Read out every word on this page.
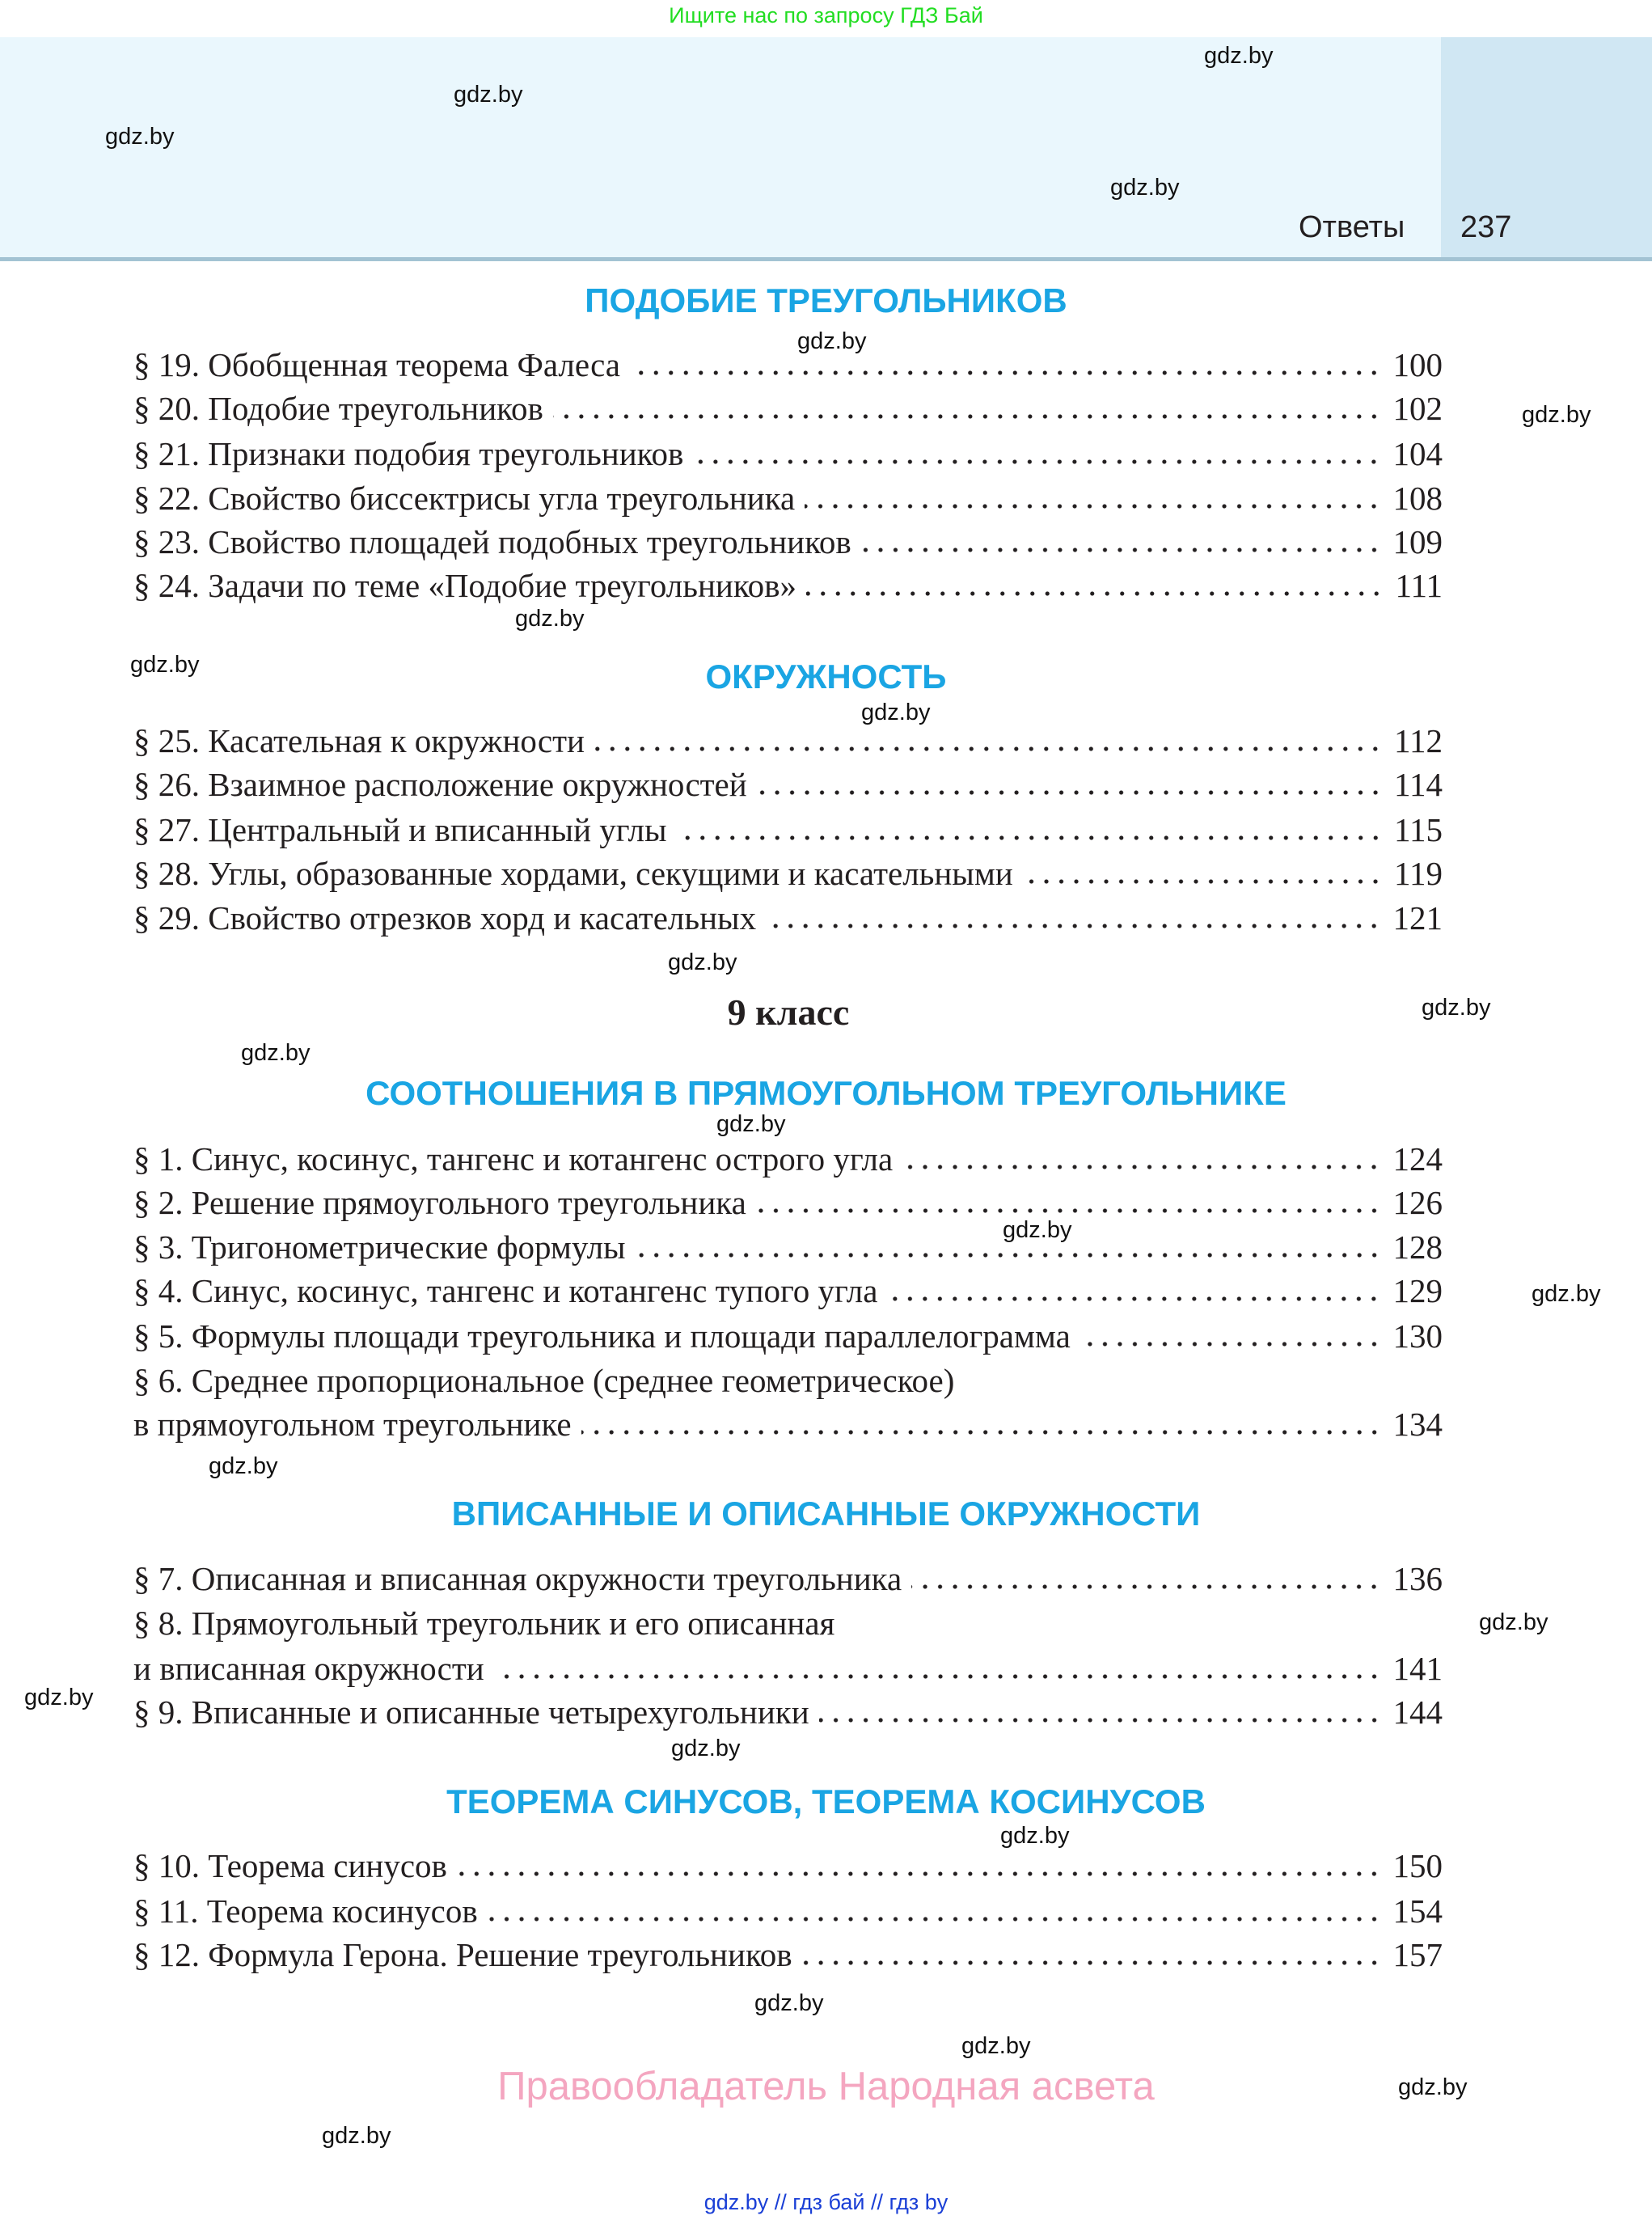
Ищите нас по запросу ГДЗ Бай
Ответы 237
ПОДОБИЕ ТРЕУГОЛЬНИКОВ
§ 19. Обобщенная теорема Фалеса	100
§ 20. Подобие треугольников	102
§ 21. Признаки подобия треугольников	104
§ 22. Свойство биссектрисы угла треугольника	108
§ 23. Свойство площадей подобных треугольников	109
§ 24. Задачи по теме «Подобие треугольников»	111
ОКРУЖНОСТЬ
§ 25. Касательная к окружности	112
§ 26. Взаимное расположение окружностей	114
§ 27. Центральный и вписанный углы	115
§ 28. Углы, образованные хордами, секущими и касательными	119
§ 29. Свойство отрезков хорд и касательных	121
9 класс
СООТНОШЕНИЯ В ПРЯМОУГОЛЬНОМ ТРЕУГОЛЬНИКЕ
§ 1. Синус, косинус, тангенс и котангенс острого угла	124
§ 2. Решение прямоугольного треугольника	126
§ 3. Тригонометрические формулы	128
§ 4. Синус, косинус, тангенс и котангенс тупого угла	129
§ 5. Формулы площади треугольника и площади параллелограмма	130
§ 6. Среднее пропорциональное (среднее геометрическое)
в прямоугольном треугольнике	134
ВПИСАННЫЕ И ОПИСАННЫЕ ОКРУЖНОСТИ
§ 7. Описанная и вписанная окружности треугольника	136
§ 8. Прямоугольный треугольник и его описанная
и вписанная окружности	141
§ 9. Вписанные и описанные четырехугольники	144
ТЕОРЕМА СИНУСОВ, ТЕОРЕМА КОСИНУСОВ
§ 10. Теорема синусов	150
§ 11. Теорема косинусов	154
§ 12. Формула Герона. Решение треугольников	157
gdz.by
gdz.by
gdz.by
gdz.by
gdz.by
gdz.by
gdz.by
gdz.by
gdz.by
gdz.by
gdz.by
gdz.by
gdz.by
gdz.by
gdz.by
gdz.by
gdz.by
gdz.by
gdz.by
gdz.by
gdz.by
gdz.by
gdz.by
gdz.by
Правообладатель Народная асвета
gdz.by // гдз бай // гдз by
